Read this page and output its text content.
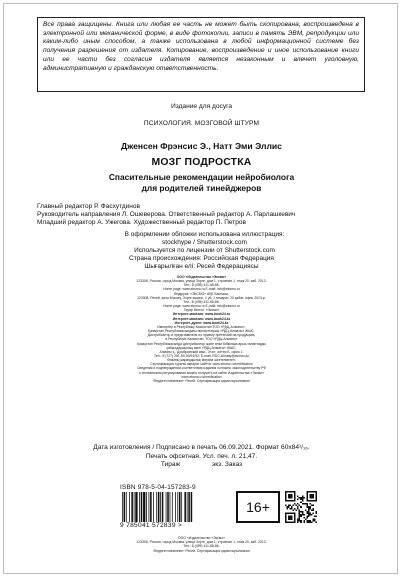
Все права защищены. Книга или любая ее часть не может быть скопирована, воспроизведена в электронной или механической форме, в виде фотокопии, записи в память ЭВМ, репродукции или каким-либо иным способом, а также использована в любой информационной системе без получения разрешения от издателя. Копирование, воспроизведение и иное использование книги или ее части без согласия издателя является незаконным и влечет уголовную, административную и гражданскую ответственность.
Издание для досуга
ПСИХОЛОГИЯ. МОЗГОВОЙ ШТУРМ
Дженсен Фрэнсис Э., Натт Эми Эллис
МОЗГ ПОДРОСТКА
Спасительные рекомендации нейробиолога
для родителей тинейджеров
Главный редактор Р. Фасхутдинов
Руководитель направления Л. Ошеверова. Ответственный редактор А. Парлашкевич
Младший редактор А. Ужегова. Художественный редактор П. Петров
В оформлении обложки использована иллюстрация:
stockhype / Shutterstock.com
Используется по лицензии от Shutterstock.com
Страна происхождения: Российская Федерация
Шығарылған елі: Ресей Федерациясы
ООО «Издательство «Эксмо»
123308, Россия, город Москва, улица Зорге, дом 1, строение 1, этаж 20, каб. 2013.
Тел.: 8 (495) 411-68-86.
Home page: www.eksmo.ru E-mail: info@eksmo.ru
Өндіруші: «ЭКСМО» АҚБ Баспасы,
123308, Ресей, қала Мәскеу, Зорге көшесі, 1 үй, 1 ғимарат, 20 қабат, офис 2013 ж.
Тел.: 8 (495) 411-68-86.
Home page: www.eksmo.ru E-mail: info@eksmo.ru
Тауар белгісі: «Эксмо»
Интернет-магазин: www.book24.ru
Интернет-магазин: www.book24.kz
Интернет-дүкен: www.book24.kz
Импортёр в Республику Казахстан ТОО «РДЦ-Алматы».
Қазақстан Республикасындағы импорттаушы «РДЦ-Алматы» ЖШС.
Дистрибьютор и представитель по приему претензий на продукцию,
в Республике Казахстан: ТОО «РДЦ-Алматы»
Қазақстан Республикасында дистрибьютор және өнім бойынша арыз-талаптарды
қабылдаушының өкілі «РДЦ-Алматы» ЖШС,
Алматы қ., Домбровский көш., 3«а», литер Б, офис 1.
Тел.: 8 (727) 251-59-90/91/92; E-mail: RDC-Almaty@eksmo.kz
Өнімнің жарамдылық мерзімі шектелмеген.
Сертификация туралы ақпарат сайтта: www.eksmo.ru/certification
Сведения о подтверждении соответствия издания согласно законодательству РФ
о техническом регулировании можно получить на сайте Издательства «Эксмо»
www.eksmo.ru/certification
Өндірген мемлекет: Ресей. Сертификация қарастырылмаған
Дата изготовления / Подписано в печать 06.09.2021. Формат 60x84¹/₁₆.
Печать офсетная. Усл. печ. л. 21,47.
Тираж	экз. Заказ
ISBN 978-5-04-157283-9
9 785041 572839 >
16+
ООО «Издательство «Эксмо»
123308, Россия, город Москва, улица Зорге, дом 1, строение 1, этаж 20, каб. 2013.
Тел.: 8 (495) 411-68-86.
Өндірген мемлекет: Ресей. Сертификация қарастырылмаған
